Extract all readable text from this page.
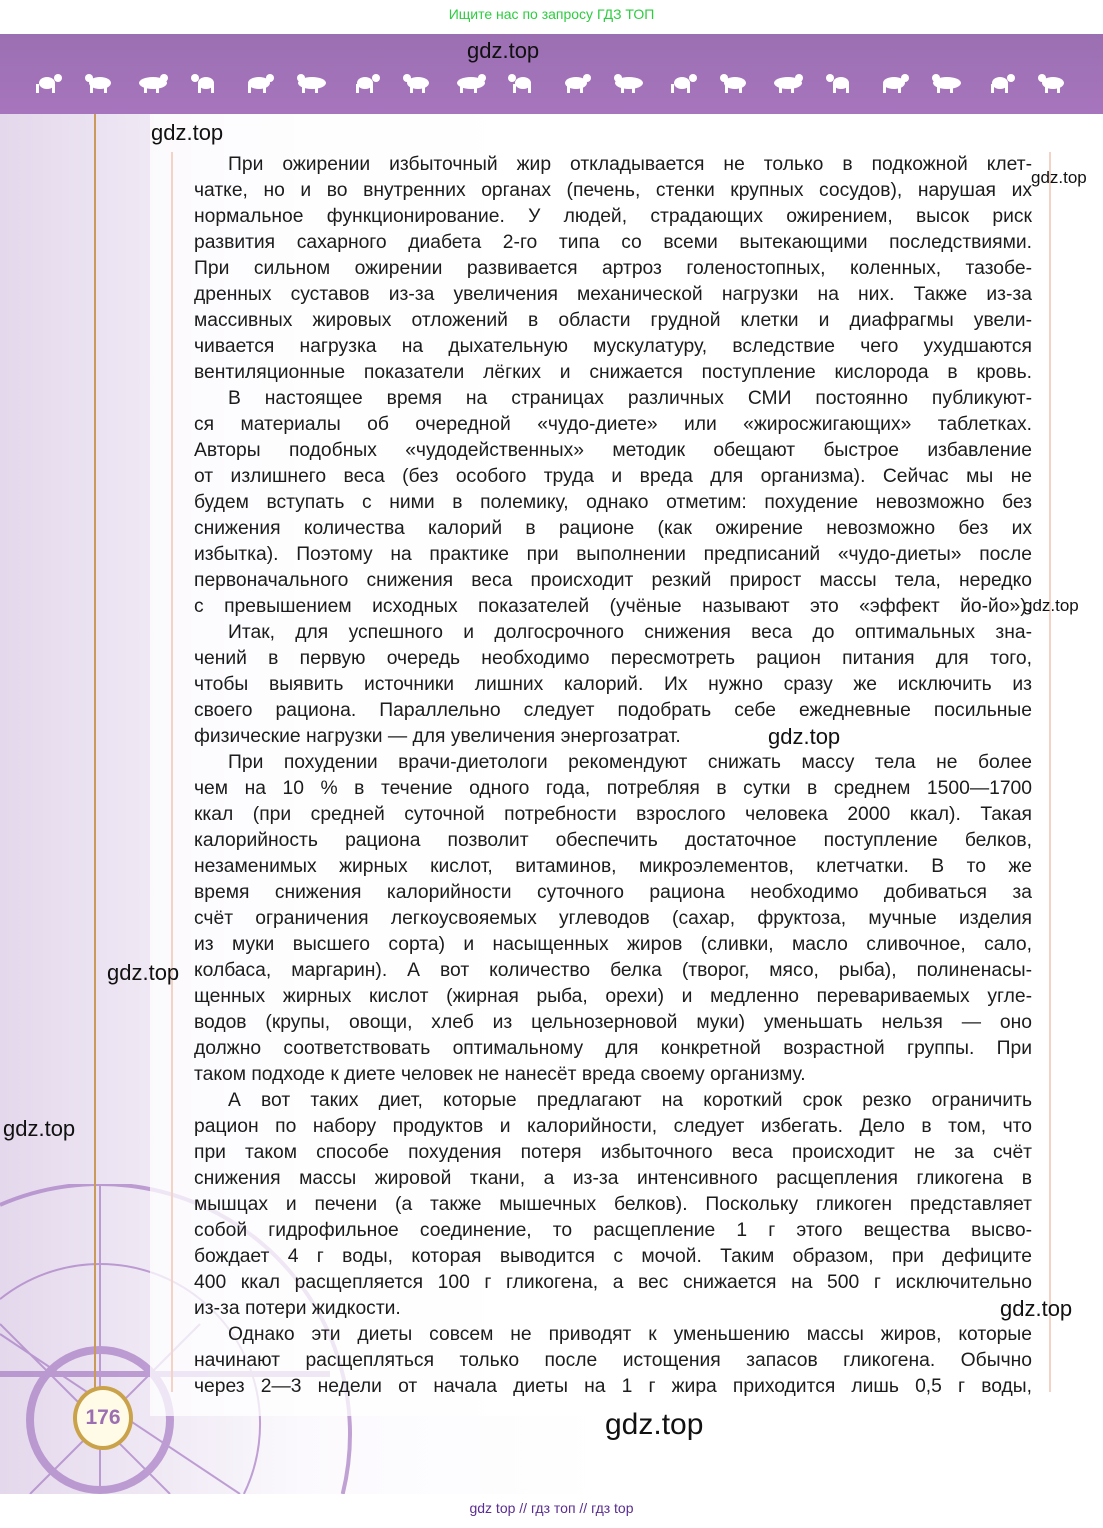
Ищите нас по запросу ГДЗ ТОП
gdz.top
При ожирении избыточный жир откладывается не только в подкожной клет-
чатке, но и во внутренних органах (печень, стенки крупных сосудов), нарушая их
нормальное функционирование. У людей, страдающих ожирением, высок риск
развития сахарного диабета 2-го типа со всеми вытекающими последствиями.
При сильном ожирении развивается артроз голеностопных, коленных, тазобе-
дренных суставов из-за увеличения механической нагрузки на них. Также из-за
массивных жировых отложений в области грудной клетки и диафрагмы увели-
чивается нагрузка на дыхательную мускулатуру, вследствие чего ухудшаются
вентиляционные показатели лёгких и снижается поступление кислорода в кровь.
В настоящее время на страницах различных СМИ постоянно публикуют-
ся материалы об очередной «чудо-диете» или «жиросжигающих» таблетках.
Авторы подобных «чудодейственных» методик обещают быстрое избавление
от излишнего веса (без особого труда и вреда для организма). Сейчас мы не
будем вступать с ними в полемику, однако отметим: похудение невозможно без
снижения количества калорий в рационе (как ожирение невозможно без их
избытка). Поэтому на практике при выполнении предписаний «чудо-диеты» после
первоначального снижения веса происходит резкий прирост массы тела, нередко
с превышением исходных показателей (учёные называют это «эффект йо-йо»).
Итак, для успешного и долгосрочного снижения веса до оптимальных зна-
чений в первую очередь необходимо пересмотреть рацион питания для того,
чтобы выявить источники лишних калорий. Их нужно сразу же исключить из
своего рациона. Параллельно следует подобрать себе ежедневные посильные
физические нагрузки — для увеличения энергозатрат.
При похудении врачи-диетологи рекомендуют снижать массу тела не более
чем на 10 % в течение одного года, потребляя в сутки в среднем 1500—1700
ккал (при средней суточной потребности взрослого человека 2000 ккал). Такая
калорийность рациона позволит обеспечить достаточное поступление белков,
незаменимых жирных кислот, витаминов, микроэлементов, клетчатки. В то же
время снижения калорийности суточного рациона необходимо добиваться за
счёт ограничения легкоусвояемых углеводов (сахар, фруктоза, мучные изделия
из муки высшего сорта) и насыщенных жиров (сливки, масло сливочное, сало,
колбаса, маргарин). А вот количество белка (творог, мясо, рыба), полиненасы-
щенных жирных кислот (жирная рыба, орехи) и медленно перевариваемых угле-
водов (крупы, овощи, хлеб из цельнозерновой муки) уменьшать нельзя — оно
должно соответствовать оптимальному для конкретной возрастной группы. При
таком подходе к диете человек не нанесёт вреда своему организму.
А вот таких диет, которые предлагают на короткий срок резко ограничить
рацион по набору продуктов и калорийности, следует избегать. Дело в том, что
при таком способе похудения потеря избыточного веса происходит не за счёт
снижения массы жировой ткани, а из-за интенсивного расщепления гликогена в
мышцах и печени (а также мышечных белков). Поскольку гликоген представляет
собой гидрофильное соединение, то расщепление 1 г этого вещества высво-
бождает 4 г воды, которая выводится с мочой. Таким образом, при дефиците
400 ккал расщепляется 100 г гликогена, а вес снижается на 500 г исключительно
из-за потери жидкости.
Однако эти диеты совсем не приводят к уменьшению массы жиров, которые
начинают расщепляться только после истощения запасов гликогена. Обычно
через 2—3 недели от начала диеты на 1 г жира приходится лишь 0,5 г воды,
gdz.top
gdz.top
gdz.top
gdz.top
gdz.top
gdz.top
gdz.top
gdz.top
176
gdz top // гдз топ // гдз top
